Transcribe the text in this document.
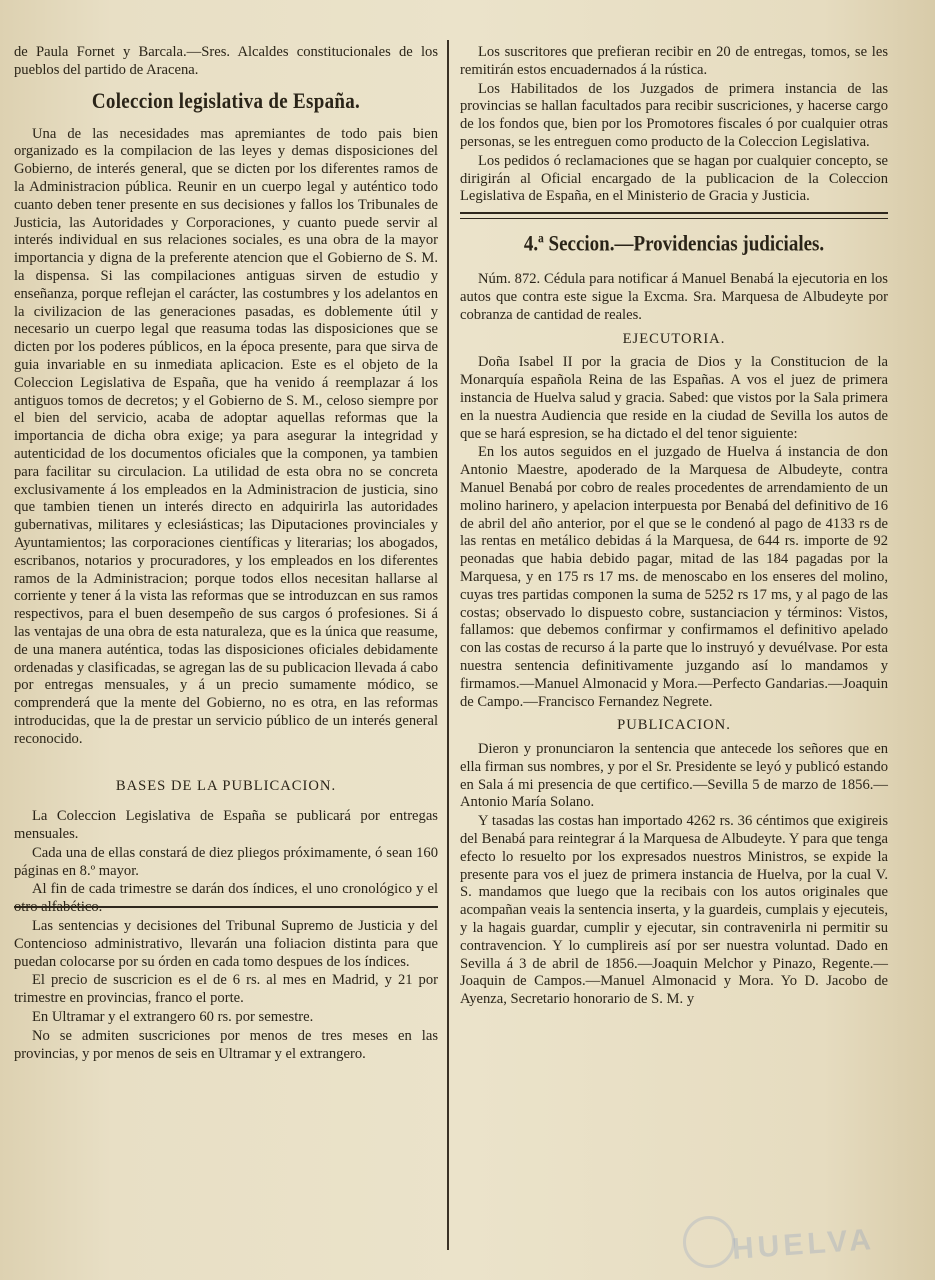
de Paula Fornet y Barcala.—Sres. Alcaldes constitucionales de los pueblos del partido de Aracena.

Coleccion legislativa de España.

Una de las necesidades mas apremiantes de todo pais bien organizado es la compilacion de las leyes y demas disposiciones del Gobierno, de interés general, que se dicten por los diferentes ramos de la Administracion pública. Reunir en un cuerpo legal y auténtico todo cuanto deben tener presente en sus decisiones y fallos los Tribunales de Justicia, las Autoridades y Corporaciones, y cuanto puede servir al interés individual en sus relaciones sociales, es una obra de la mayor importancia y digna de la preferente atencion que el Gobierno de S. M. la dispensa. Si las compilaciones antiguas sirven de estudio y enseñanza, porque reflejan el carácter, las costumbres y los adelantos en la civilizacion de las generaciones pasadas, es doblemente útil y necesario un cuerpo legal que reasuma todas las disposiciones que se dicten por los poderes públicos, en la época presente, para que sirva de guia invariable en su inmediata aplicacion. Este es el objeto de la Coleccion Legislativa de España, que ha venido á reemplazar á los antiguos tomos de decretos; y el Gobierno de S. M., celoso siempre por el bien del servicio, acaba de adoptar aquellas reformas que la importancia de dicha obra exige; ya para asegurar la integridad y autenticidad de los documentos oficiales que la componen, ya tambien para facilitar su circulacion. La utilidad de esta obra no se concreta exclusivamente á los empleados en la Administracion de justicia, sino que tambien tienen un interés directo en adquirirla las autoridades gubernativas, militares y eclesiásticas; las Diputaciones provinciales y Ayuntamientos; las corporaciones científicas y literarias; los abogados, escribanos, notarios y procuradores, y los empleados en los diferentes ramos de la Administracion; porque todos ellos necesitan hallarse al corriente y tener á la vista las reformas que se introduzcan en sus ramos respectivos, para el buen desempeño de sus cargos ó profesiones. Si á las ventajas de una obra de esta naturaleza, que es la única que reasume, de una manera auténtica, todas las disposiciones oficiales debidamente ordenadas y clasificadas, se agregan las de su publicacion llevada á cabo por entregas mensuales, y á un precio sumamente módico, se comprenderá que la mente del Gobierno, no es otra, en las reformas introducidas, que la de prestar un servicio público de un interés general reconocido.

BASES DE LA PUBLICACION.

La Coleccion Legislativa de España se publicará por entregas mensuales.

Cada una de ellas constará de diez pliegos próximamente, ó sean 160 páginas en 8.º mayor.

Al fin de cada trimestre se darán dos índices, el uno cronológico y el otro alfabético.

Las sentencias y decisiones del Tribunal Supremo de Justicia y del Contencioso administrativo, llevarán una foliacion distinta para que puedan colocarse por su órden en cada tomo despues de los índices.

El precio de suscricion es el de 6 rs. al mes en Madrid, y 21 por trimestre en provincias, franco el porte.

En Ultramar y el extrangero 60 rs. por semestre.

No se admiten suscriciones por menos de tres meses en las provincias, y por menos de seis en Ultramar y el extrangero.

Los suscritores que prefieran recibir en 20 de entregas, tomos, se les remitirán estos encuadernados á la rústica.

Los Habilitados de los Juzgados de primera instancia de las provincias se hallan facultados para recibir suscriciones, y hacerse cargo de los fondos que, bien por los Promotores fiscales ó por cualquier otras personas, se les entreguen como producto de la Coleccion Legislativa.

Los pedidos ó reclamaciones que se hagan por cualquier concepto, se dirigirán al Oficial encargado de la publicacion de la Coleccion Legislativa de España, en el Ministerio de Gracia y Justicia.

4.ª Seccion.—Providencias judiciales.

Núm. 872. Cédula para notificar á Manuel Benabá la ejecutoria en los autos que contra este sigue la Excma. Sra. Marquesa de Albudeyte por cobranza de cantidad de reales.

EJECUTORIA.

Doña Isabel II por la gracia de Dios y la Constitucion de la Monarquía española Reina de las Españas. A vos el juez de primera instancia de Huelva salud y gracia. Sabed: que vistos por la Sala primera en la nuestra Audiencia que reside en la ciudad de Sevilla los autos de que se hará espresion, se ha dictado el del tenor siguiente:

En los autos seguidos en el juzgado de Huelva á instancia de don Antonio Maestre, apoderado de la Marquesa de Albudeyte, contra Manuel Benabá por cobro de reales procedentes de arrendamiento de un molino harinero, y apelacion interpuesta por Benabá del definitivo de 16 de abril del año anterior, por el que se le condenó al pago de 4133 rs de las rentas en metálico debidas á la Marquesa, de 644 rs. importe de 92 peonadas que habia debido pagar, mitad de las 184 pagadas por la Marquesa, y en 175 rs 17 ms. de menoscabo en los enseres del molino, cuyas tres partidas componen la suma de 5252 rs 17 ms, y al pago de las costas; observado lo dispuesto cobre, sustanciacion y términos: Vistos, fallamos: que debemos confirmar y confirmamos el definitivo apelado con las costas de recurso á la parte que lo instruyó y devuélvase. Por esta nuestra sentencia definitivamente juzgando así lo mandamos y firmamos.—Manuel Almonacid y Mora.—Perfecto Gandarias.—Joaquin de Campo.—Francisco Fernandez Negrete.

PUBLICACION.

Dieron y pronunciaron la sentencia que antecede los señores que en ella firman sus nombres, y por el Sr. Presidente se leyó y publicó estando en Sala á mi presencia de que certifico.—Sevilla 5 de marzo de 1856.—Antonio María Solano.

Y tasadas las costas han importado 4262 rs. 36 céntimos que exigireis del Benabá para reintegrar á la Marquesa de Albudeyte. Y para que tenga efecto lo resuelto por los expresados nuestros Ministros, se expide la presente para vos el juez de primera instancia de Huelva, por la cual V. S. mandamos que luego que la recibais con los autos originales que acompañan veais la sentencia inserta, y la guardeis, cumplais y ejecuteis, y la hagais guardar, cumplir y ejecutar, sin contravenirla ni permitir su contravencion. Y lo cumplireis así por ser nuestra voluntad. Dado en Sevilla á 3 de abril de 1856.—Joaquin Melchor y Pinazo, Regente.—Joaquin de Campos.—Manuel Almonacid y Mora. Yo D. Jacobo de Ayenza, Secretario honorario de S. M. y

HUELVA
